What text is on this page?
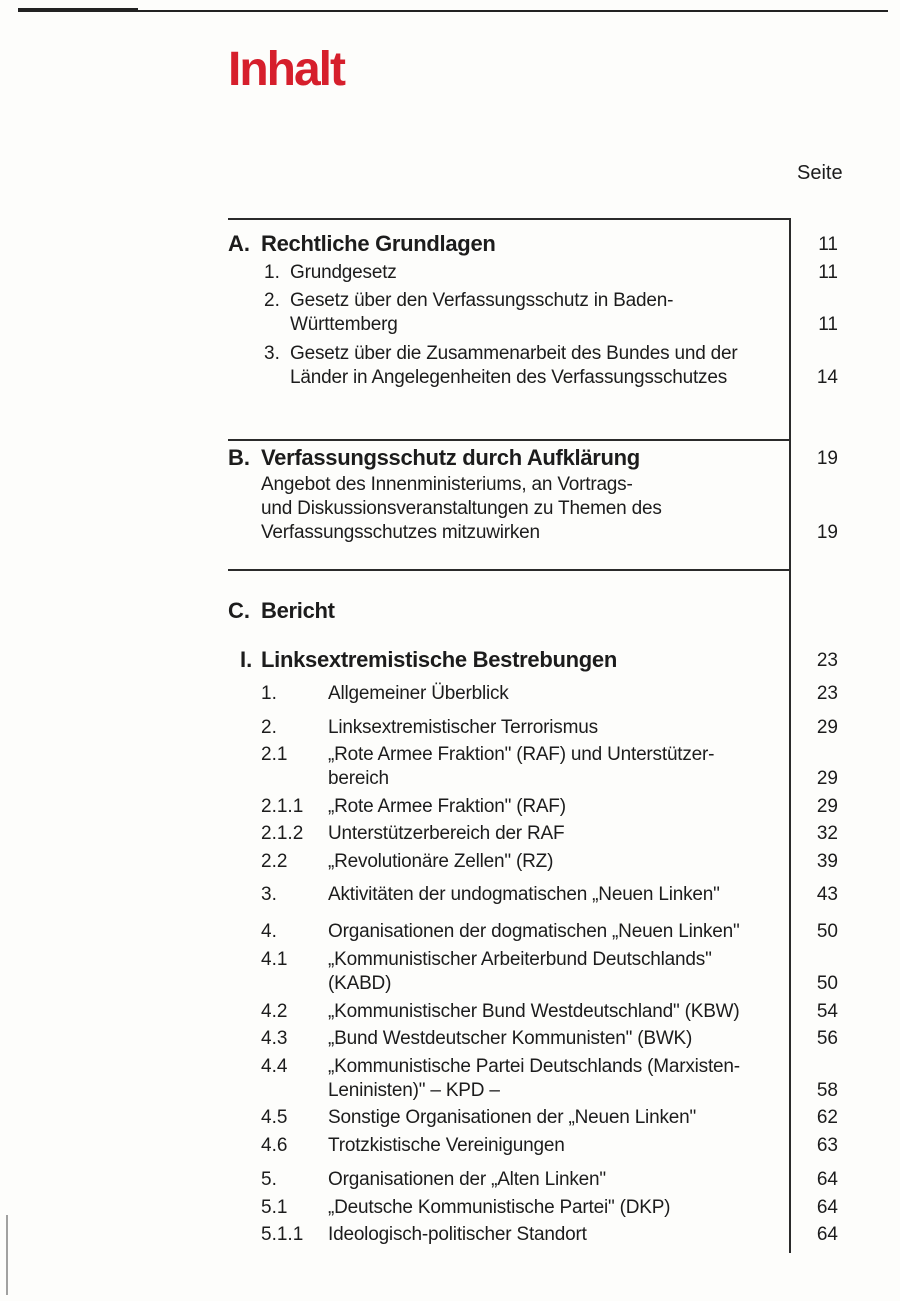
Inhalt
Seite
A. Rechtliche Grundlagen	11
1. Grundgesetz	11
2. Gesetz über den Verfassungsschutz in Baden-
Württemberg	11
3. Gesetz über die Zusammenarbeit des Bundes und der
Länder in Angelegenheiten des Verfassungsschutzes	14
B. Verfassungsschutz durch Aufklärung	19
Angebot des Innenministeriums, an Vortrags-
und Diskussionsveranstaltungen zu Themen des
Verfassungsschutzes mitzuwirken	19
C. Bericht
I. Linksextremistische Bestrebungen	23
1.	Allgemeiner Überblick	23
2.	Linksextremistischer Terrorismus	29
2.1 „Rote Armee Fraktion" (RAF) und Unterstützer-
bereich	29
2.1.1 „Rote Armee Fraktion" (RAF)	29
2.1.2 Unterstützerbereich der RAF	32
2.2 „Revolutionäre Zellen" (RZ)	39
3.	Aktivitäten der undogmatischen „Neuen Linken"	43
4.	Organisationen der dogmatischen „Neuen Linken"	50
4.1 „Kommunistischer Arbeiterbund Deutschlands"
(KABD)	50
4.2 „Kommunistischer Bund Westdeutschland" (KBW)	54
4.3 „Bund Westdeutscher Kommunisten" (BWK)	56
4.4 „Kommunistische Partei Deutschlands (Marxisten-
Leninisten)" – KPD –	58
4.5 Sonstige Organisationen der „Neuen Linken"	62
4.6 Trotzkistische Vereinigungen	63
5.	Organisationen der „Alten Linken"	64
5.1 „Deutsche Kommunistische Partei" (DKP)	64
5.1.1 Ideologisch-politischer Standort	64
